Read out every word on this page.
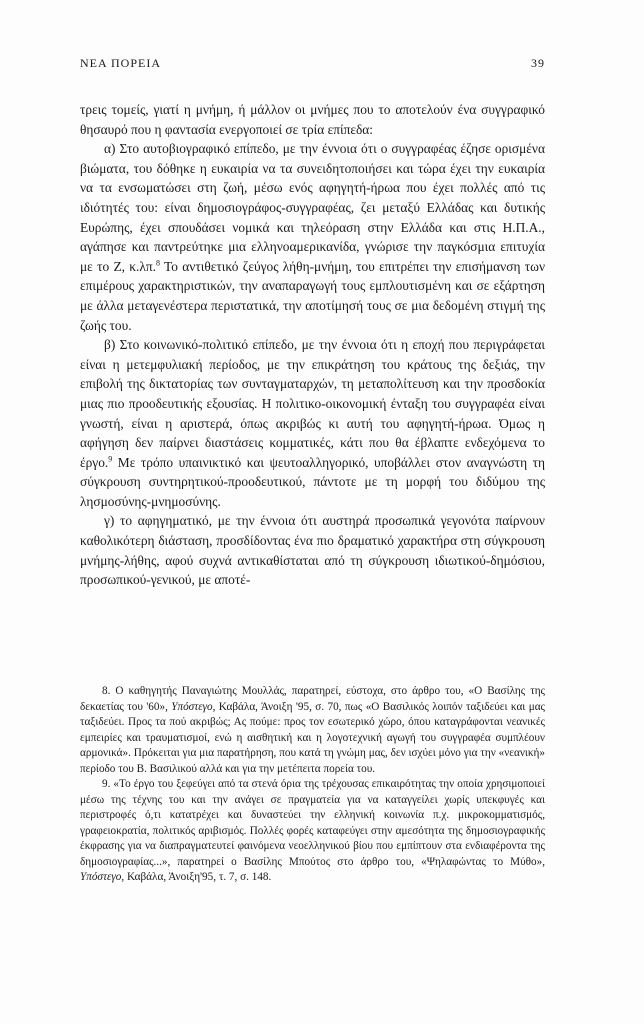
ΝΕΑ ΠΟΡΕΙΑ	39

τρεις τομείς, γιατί η μνήμη, ή μάλλον οι μνήμες που το αποτελούν ένα συγγραφικό θησαυρό που η φαντασία ενεργοποιεί σε τρία επίπεδα:

α) Στο αυτοβιογραφικό επίπεδο, με την έννοια ότι ο συγγραφέας έζησε ορισμένα βιώματα, του δόθηκε η ευκαιρία να τα συνειδητοποιήσει και τώρα έχει την ευκαιρία να τα ενσωματώσει στη ζωή, μέσω ενός αφηγητή-ήρωα που έχει πολλές από τις ιδιότητές του: είναι δημοσιογράφος-συγγραφέας, ζει μεταξύ Ελλάδας και δυτικής Ευρώπης, έχει σπουδάσει νομικά και τηλεόραση στην Ελλάδα και στις Η.Π.Α., αγάπησε και παντρεύτηκε μια ελληνοαμερικανίδα, γνώρισε την παγκόσμια επιτυχία με το Ζ, κ.λπ.$^8$ Το αντιθετικό ζεύγος λήθη-μνήμη, του επιτρέπει την επισήμανση των επιμέρους χαρακτηριστικών, την αναπαραγωγή τους εμπλουτισμένη και σε εξάρτηση με άλλα μεταγενέστερα περιστατικά, την αποτίμησή τους σε μια δεδομένη στιγμή της ζωής του.

β) Στο κοινωνικό-πολιτικό επίπεδο, με την έννοια ότι η εποχή που περιγράφεται είναι η μετεμφυλιακή περίοδος, με την επικράτηση του κράτους της δεξιάς, την επιβολή της δικτατορίας των συνταγματαρχών, τη μεταπολίτευση και την προσδοκία μιας πιο προοδευτικής εξουσίας. Η πολιτικο-οικονομική ένταξη του συγγραφέα είναι γνωστή, είναι η αριστερά, όπως ακριβώς κι αυτή του αφηγητή-ήρωα. Όμως η αφήγηση δεν παίρνει διαστάσεις κομματικές, κάτι που θα έβλαπτε ενδεχόμενα το έργο.$^9$ Με τρόπο υπαινικτικό και ψευτοαλληγορικό, υποβάλλει στον αναγνώστη τη σύγκρουση συντηρητικού-προοδευτικού, πάντοτε με τη μορφή του διδύμου της λησμοσύνης-μνημοσύνης.

γ) το αφηγηματικό, με την έννοια ότι αυστηρά προσωπικά γεγονότα παίρνουν καθολικότερη διάσταση, προσδίδοντας ένα πιο δραματικό χαρακτήρα στη σύγκρουση μνήμης-λήθης, αφού συχνά αντικαθίσταται από τη σύγκρουση ιδιωτικού-δημόσιου, προσωπικού-γενικού, με αποτέ-

8. Ο καθηγητής Παναγιώτης Μουλλάς, παρατηρεί, εύστοχα, στο άρθρο του, «Ο Βασίλης της δεκαετίας του '60», Υπόστεγο, Καβάλα, Άνοιξη '95, σ. 70, πως «Ο Βασιλικός λοιπόν ταξιδεύει και μας ταξιδεύει. Προς τα πού ακριβώς; Ας πούμε: προς τον εσωτερικό χώρο, όπου καταγράφονται νεανικές εμπειρίες και τραυματισμοί, ενώ η αισθητική και η λογοτεχνική αγωγή του συγγραφέα συμπλέουν αρμονικά». Πρόκειται για μια παρατήρηση, που κατά τη γνώμη μας, δεν ισχύει μόνο για την «νεανική» περίοδο του Β. Βασιλικού αλλά και για την μετέπειτα πορεία του.

9. «Το έργο του ξεφεύγει από τα στενά όρια της τρέχουσας επικαιρότητας την οποία χρησιμοποιεί μέσω της τέχνης του και την ανάγει σε πραγματεία για να καταγγείλει χωρίς υπεκφυγές και περιστροφές ό,τι κατατρέχει και δυναστεύει την ελληνική κοινωνία π.χ. μικροκομματισμός, γραφειοκρατία, πολιτικός αριβισμός. Πολλές φορές καταφεύγει στην αμεσότητα της δημοσιογραφικής έκφρασης για να διαπραγματευτεί φαινόμενα νεοελληνικού βίου που εμπίπτουν στα ενδιαφέροντα της δημοσιογραφίας...», παρατηρεί ο Βασίλης Μπούτος στο άρθρο του, «Ψηλαφώντας το Μύθο», Υπόστεγο, Καβάλα, Άνοιξη'95, τ. 7, σ. 148.
